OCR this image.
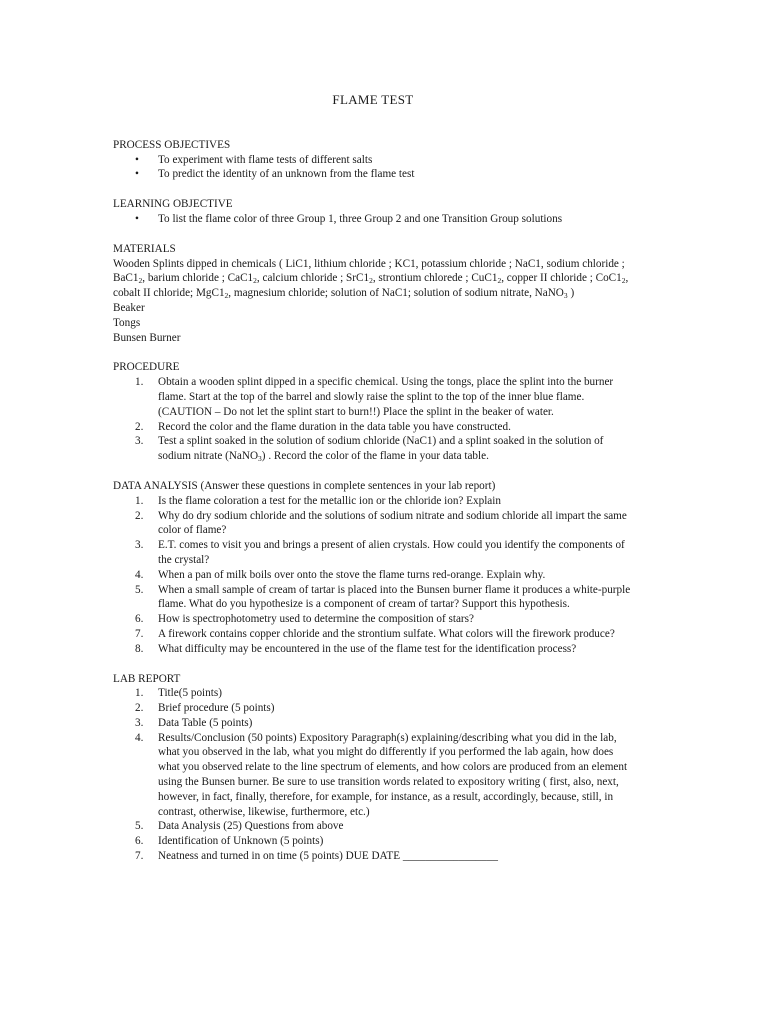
FLAME TEST

PROCESS OBJECTIVES

• To experiment with flame tests of different salts
• To predict the identity of an unknown from the flame test

LEARNING OBJECTIVE

• To list the flame color of three Group 1, three Group 2 and one Transition Group solutions

MATERIALS

Wooden Splints dipped in chemicals ( LiC1, lithium chloride ; KC1, potassium chloride ; NaC1, sodium chloride ; $BaC1_2$, barium chloride ; $CaC1_2$, calcium chloride ; $SrC1_2$, strontium chlorede ; $CuC1_2$, copper II chloride ; $CoC1_2$, cobalt II chloride; $MgC1_2$, magnesium chloride; solution of NaC1; solution of sodium nitrate, NaNO$_3$ )

Beaker

Tongs

Bunsen Burner

PROCEDURE

1.	Obtain a wooden splint dipped in a specific chemical. Using the tongs, place the splint into the burner flame. Start at the top of the barrel and slowly raise the splint to the top of the inner blue flame. (CAUTION – Do not let the splint start to burn!!) Place the splint in the beaker of water.
2.	Record the color and the flame duration in the data table you have constructed.
3.	Test a splint soaked in the solution of sodium chloride (NaC1) and a splint soaked in the solution of sodium nitrate (NaNO$_3$) . Record the color of the flame in your data table.

DATA ANALYSIS (Answer these questions in complete sentences in your lab report)

1.	Is the flame coloration a test for the metallic ion or the chloride ion? Explain
2.	Why do dry sodium chloride and the solutions of sodium nitrate and sodium chloride all impart the same color of flame?
3.	E.T. comes to visit you and brings a present of alien crystals. How could you identify the components of the crystal?
4.	When a pan of milk boils over onto the stove the flame turns red-orange. Explain why.
5.	When a small sample of cream of tartar is placed into the Bunsen burner flame it produces a white-purple flame. What do you hypothesize is a component of cream of tartar? Support this hypothesis.
6.	How is spectrophotometry used to determine the composition of stars?
7.	A firework contains copper chloride and the strontium sulfate. What colors will the firework produce?
8.	What difficulty may be encountered in the use of the flame test for the identification process?

LAB REPORT

1.	Title(5 points)
2.	Brief procedure (5 points)
3.	Data Table (5 points)
4.	Results/Conclusion (50 points) Expository Paragraph(s) explaining/describing what you did in the lab, what you observed in the lab, what you might do differently if you performed the lab again, how does what you observed relate to the line spectrum of elements, and how colors are produced from an element using the Bunsen burner. Be sure to use transition words related to expository writing ( first, also, next, however, in fact, finally, therefore, for example, for instance, as a result, accordingly, because, still, in contrast, otherwise, likewise, furthermore, etc.)
5.	Data Analysis (25) Questions from above
6.	Identification of Unknown (5 points)
7.	Neatness and turned in on time (5 points) DUE DATE _________________
